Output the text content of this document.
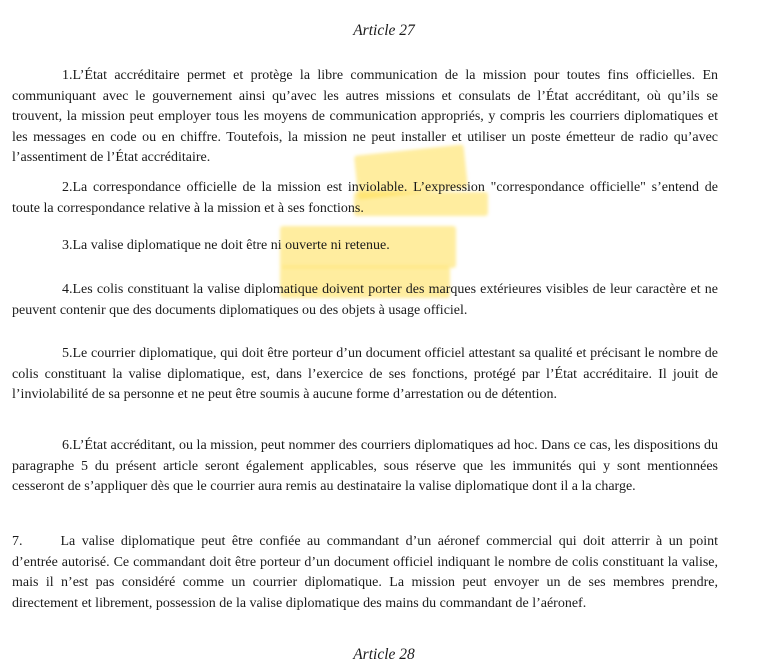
Article 27

1.L’État accréditaire permet et protège la libre communication de la mission pour toutes fins officielles. En communiquant avec le gouvernement ainsi qu’avec les autres missions et consulats de l’État accréditant, où qu’ils se trouvent, la mission peut employer tous les moyens de communication appropriés, y compris les courriers diplomatiques et les messages en code ou en chiffre. Toutefois, la mission ne peut installer et utiliser un poste émetteur de radio qu’avec l’assentiment de l’État accréditaire.

2.La correspondance officielle de la mission est inviolable. L’expression "correspondance officielle" s’entend de toute la correspondance relative à la mission et à ses fonctions.

3.La valise diplomatique ne doit être ni ouverte ni retenue.

4.Les colis constituant la valise diplomatique doivent porter des marques extérieures visibles de leur caractère et ne peuvent contenir que des documents diplomatiques ou des objets à usage officiel.

5.Le courrier diplomatique, qui doit être porteur d’un document officiel attestant sa qualité et précisant le nombre de colis constituant la valise diplomatique, est, dans l’exercice de ses fonctions, protégé par l’État accréditaire. Il jouit de l’inviolabilité de sa personne et ne peut être soumis à aucune forme d’arrestation ou de détention.

6.L’État accréditant, ou la mission, peut nommer des courriers diplomatiques ad hoc. Dans ce cas, les dispositions du paragraphe 5 du présent article seront également applicables, sous réserve que les immunités qui y sont mentionnées cesseront de s’appliquer dès que le courrier aura remis au destinataire la valise diplomatique dont il a la charge.

7.	La valise diplomatique peut être confiée au commandant d’un aéronef commercial qui doit atterrir à un point d’entrée autorisé. Ce commandant doit être porteur d’un document officiel indiquant le nombre de colis constituant la valise, mais il n’est pas considéré comme un courrier diplomatique. La mission peut envoyer un de ses membres prendre, directement et librement, possession de la valise diplomatique des mains du commandant de l’aéronef.

Article 28
